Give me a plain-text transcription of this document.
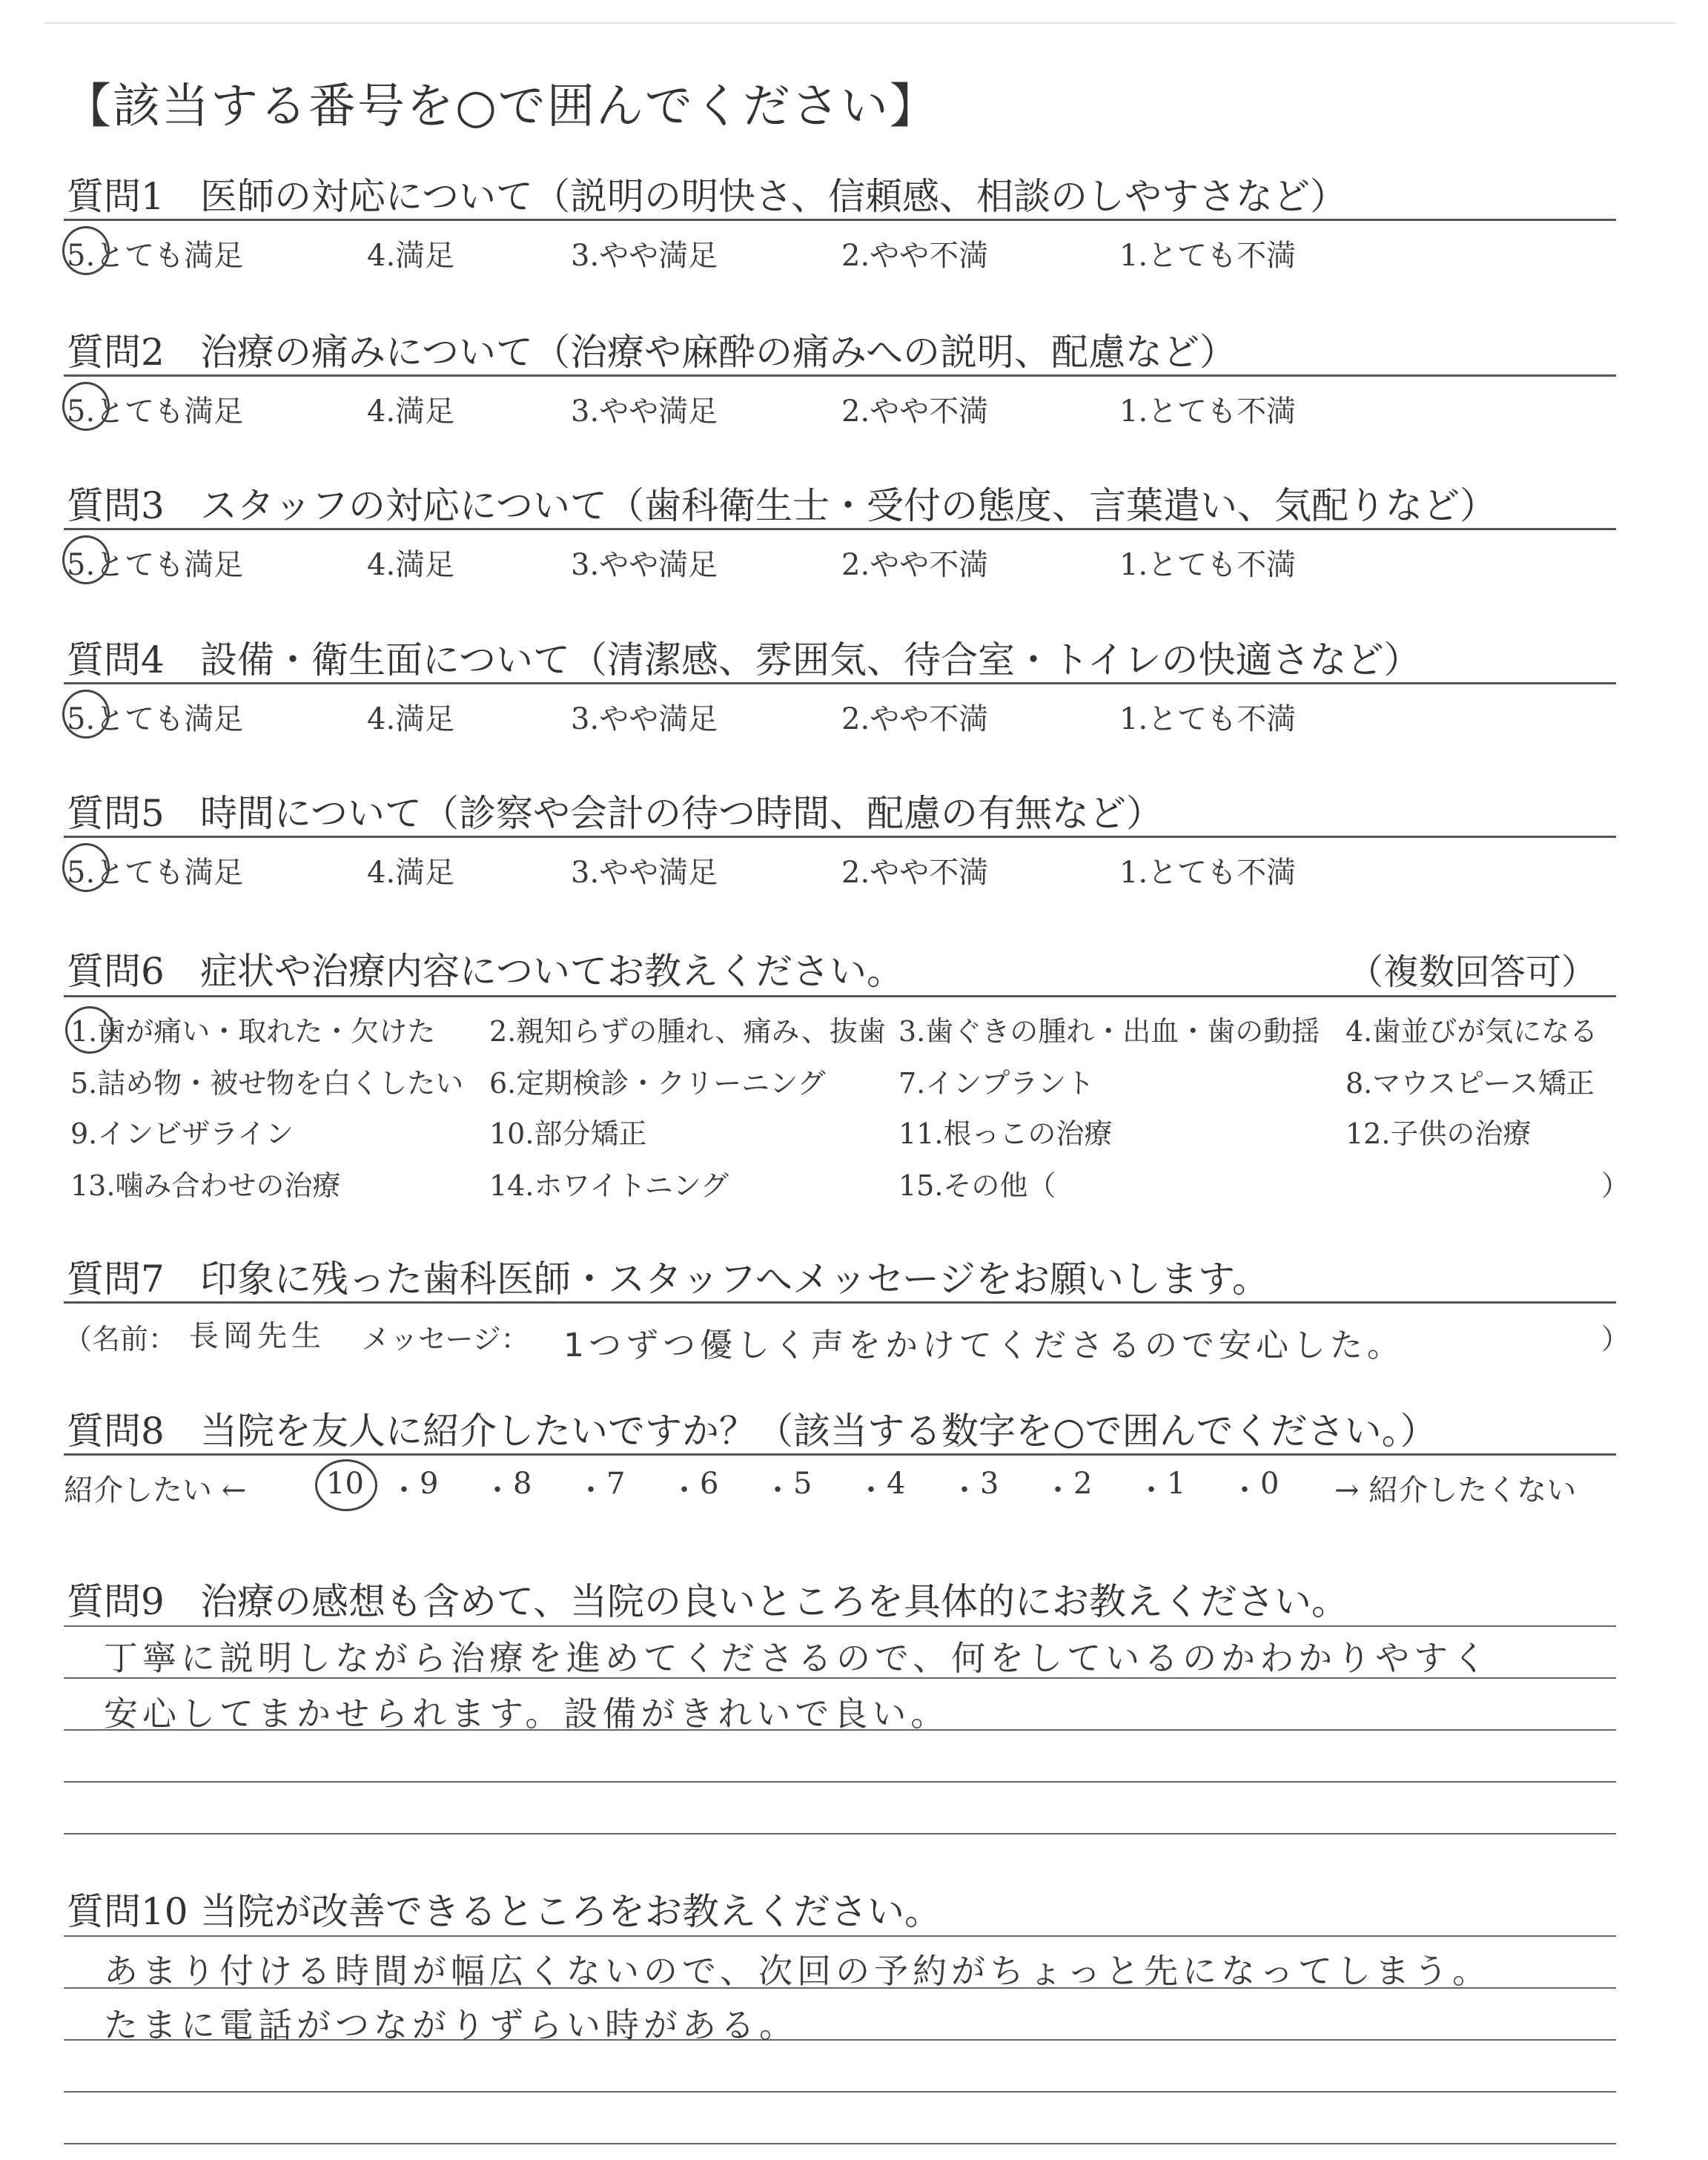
【該当する番号を○で囲んでください】
質問1 医師の対応について（説明の明快さ、信頼感、相談のしやすさなど）
5.とても満足	4.満足	3.やや満足	2.やや不満	1.とても不満
質問2 治療の痛みについて（治療や麻酔の痛みへの説明、配慮など）
5.とても満足	4.満足	3.やや満足	2.やや不満	1.とても不満
質問3 スタッフの対応について（歯科衛生士・受付の態度、言葉遣い、気配りなど）
5.とても満足	4.満足	3.やや満足	2.やや不満	1.とても不満
質問4 設備・衛生面について（清潔感、雰囲気、待合室・トイレの快適さなど）
5.とても満足	4.満足	3.やや満足	2.やや不満	1.とても不満
質問5 時間について（診察や会計の待つ時間、配慮の有無など）
5.とても満足	4.満足	3.やや満足	2.やや不満	1.とても不満
質問6 症状や治療内容についてお教えください。	（複数回答可）
1.歯が痛い・取れた・欠けた 2.親知らずの腫れ、痛み、抜歯 3.歯ぐきの腫れ・出血・歯の動揺 4.歯並びが気になる
5.詰め物・被せ物を白くしたい 6.定期検診・クリーニング	7.インプラント	8.マウスピース矯正
9.インビザライン	10.部分矯正	11.根っこの治療	12.子供の治療
13.噛み合わせの治療	14.ホワイトニング	15.その他（	）
質問7 印象に残った歯科医師・スタッフへメッセージをお願いします。
（名前： 長岡先生 メッセージ： 1つずつ優しく声をかけてくださるので安心した。	）
質問8 当院を友人に紹介したいですか？（該当する数字を○で囲んでください。）
紹介したい ←	10 ・ 9 ・ 8 ・ 7 ・ 6 ・ 5 ・ 4 ・ 3 ・ 2 ・ 1 ・ 0 → 紹介したくない
質問9 治療の感想も含めて、当院の良いところを具体的にお教えください。
丁寧に説明しながら治療を進めてくださるので、何をしているのかわかりやすく
安心してまかせられます。設備がきれいで良い。
質問10 当院が改善できるところをお教えください。
あまり付ける時間が幅広くないので、次回の予約がちょっと先になってしまう。
たまに電話がつながりずらい時がある。
